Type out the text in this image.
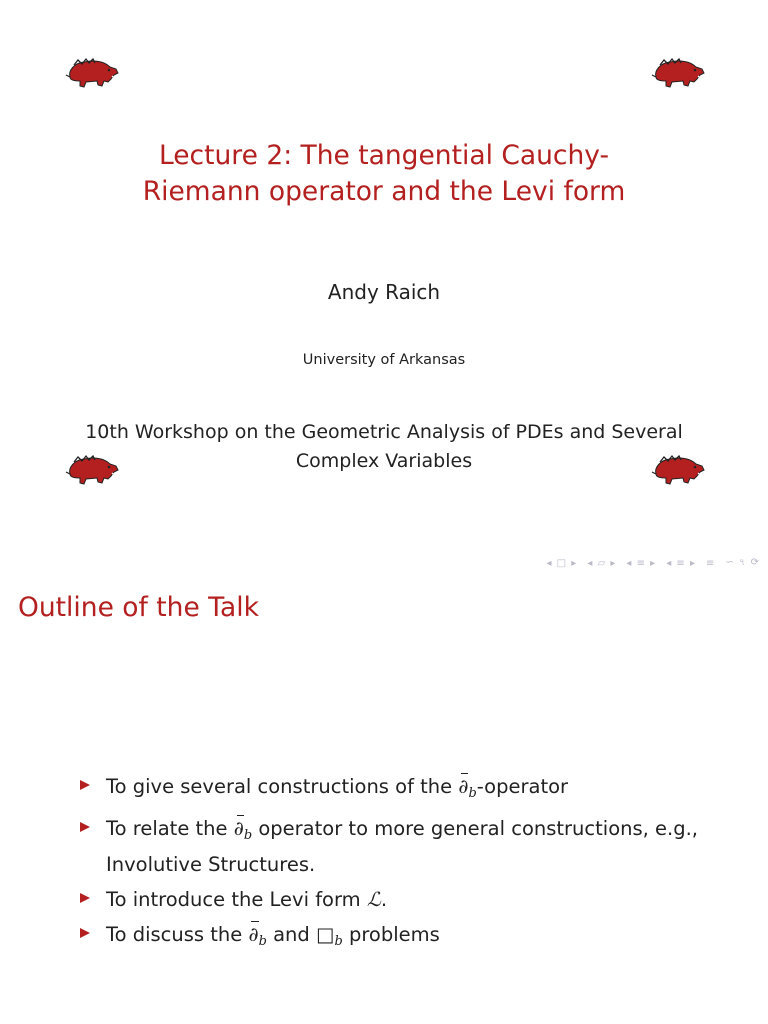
Lecture 2: The tangential Cauchy-Riemann operator and the Levi form
Andy Raich
University of Arkansas
10th Workshop on the Geometric Analysis of PDEs and Several Complex Variables
◂ □ ▸ ◂ ▱ ▸ ◂ ≡ ▸ ◂ ≡ ▸ ≡ ∽ ৭ ⟳
Outline of the Talk
To give several constructions of the $\partial_b$-operator
To relate the $\partial_b$ operator to more general constructions, e.g., Involutive Structures.
To introduce the Levi form ℒ.
To discuss the $\partial_b$ and $□_b$ problems
